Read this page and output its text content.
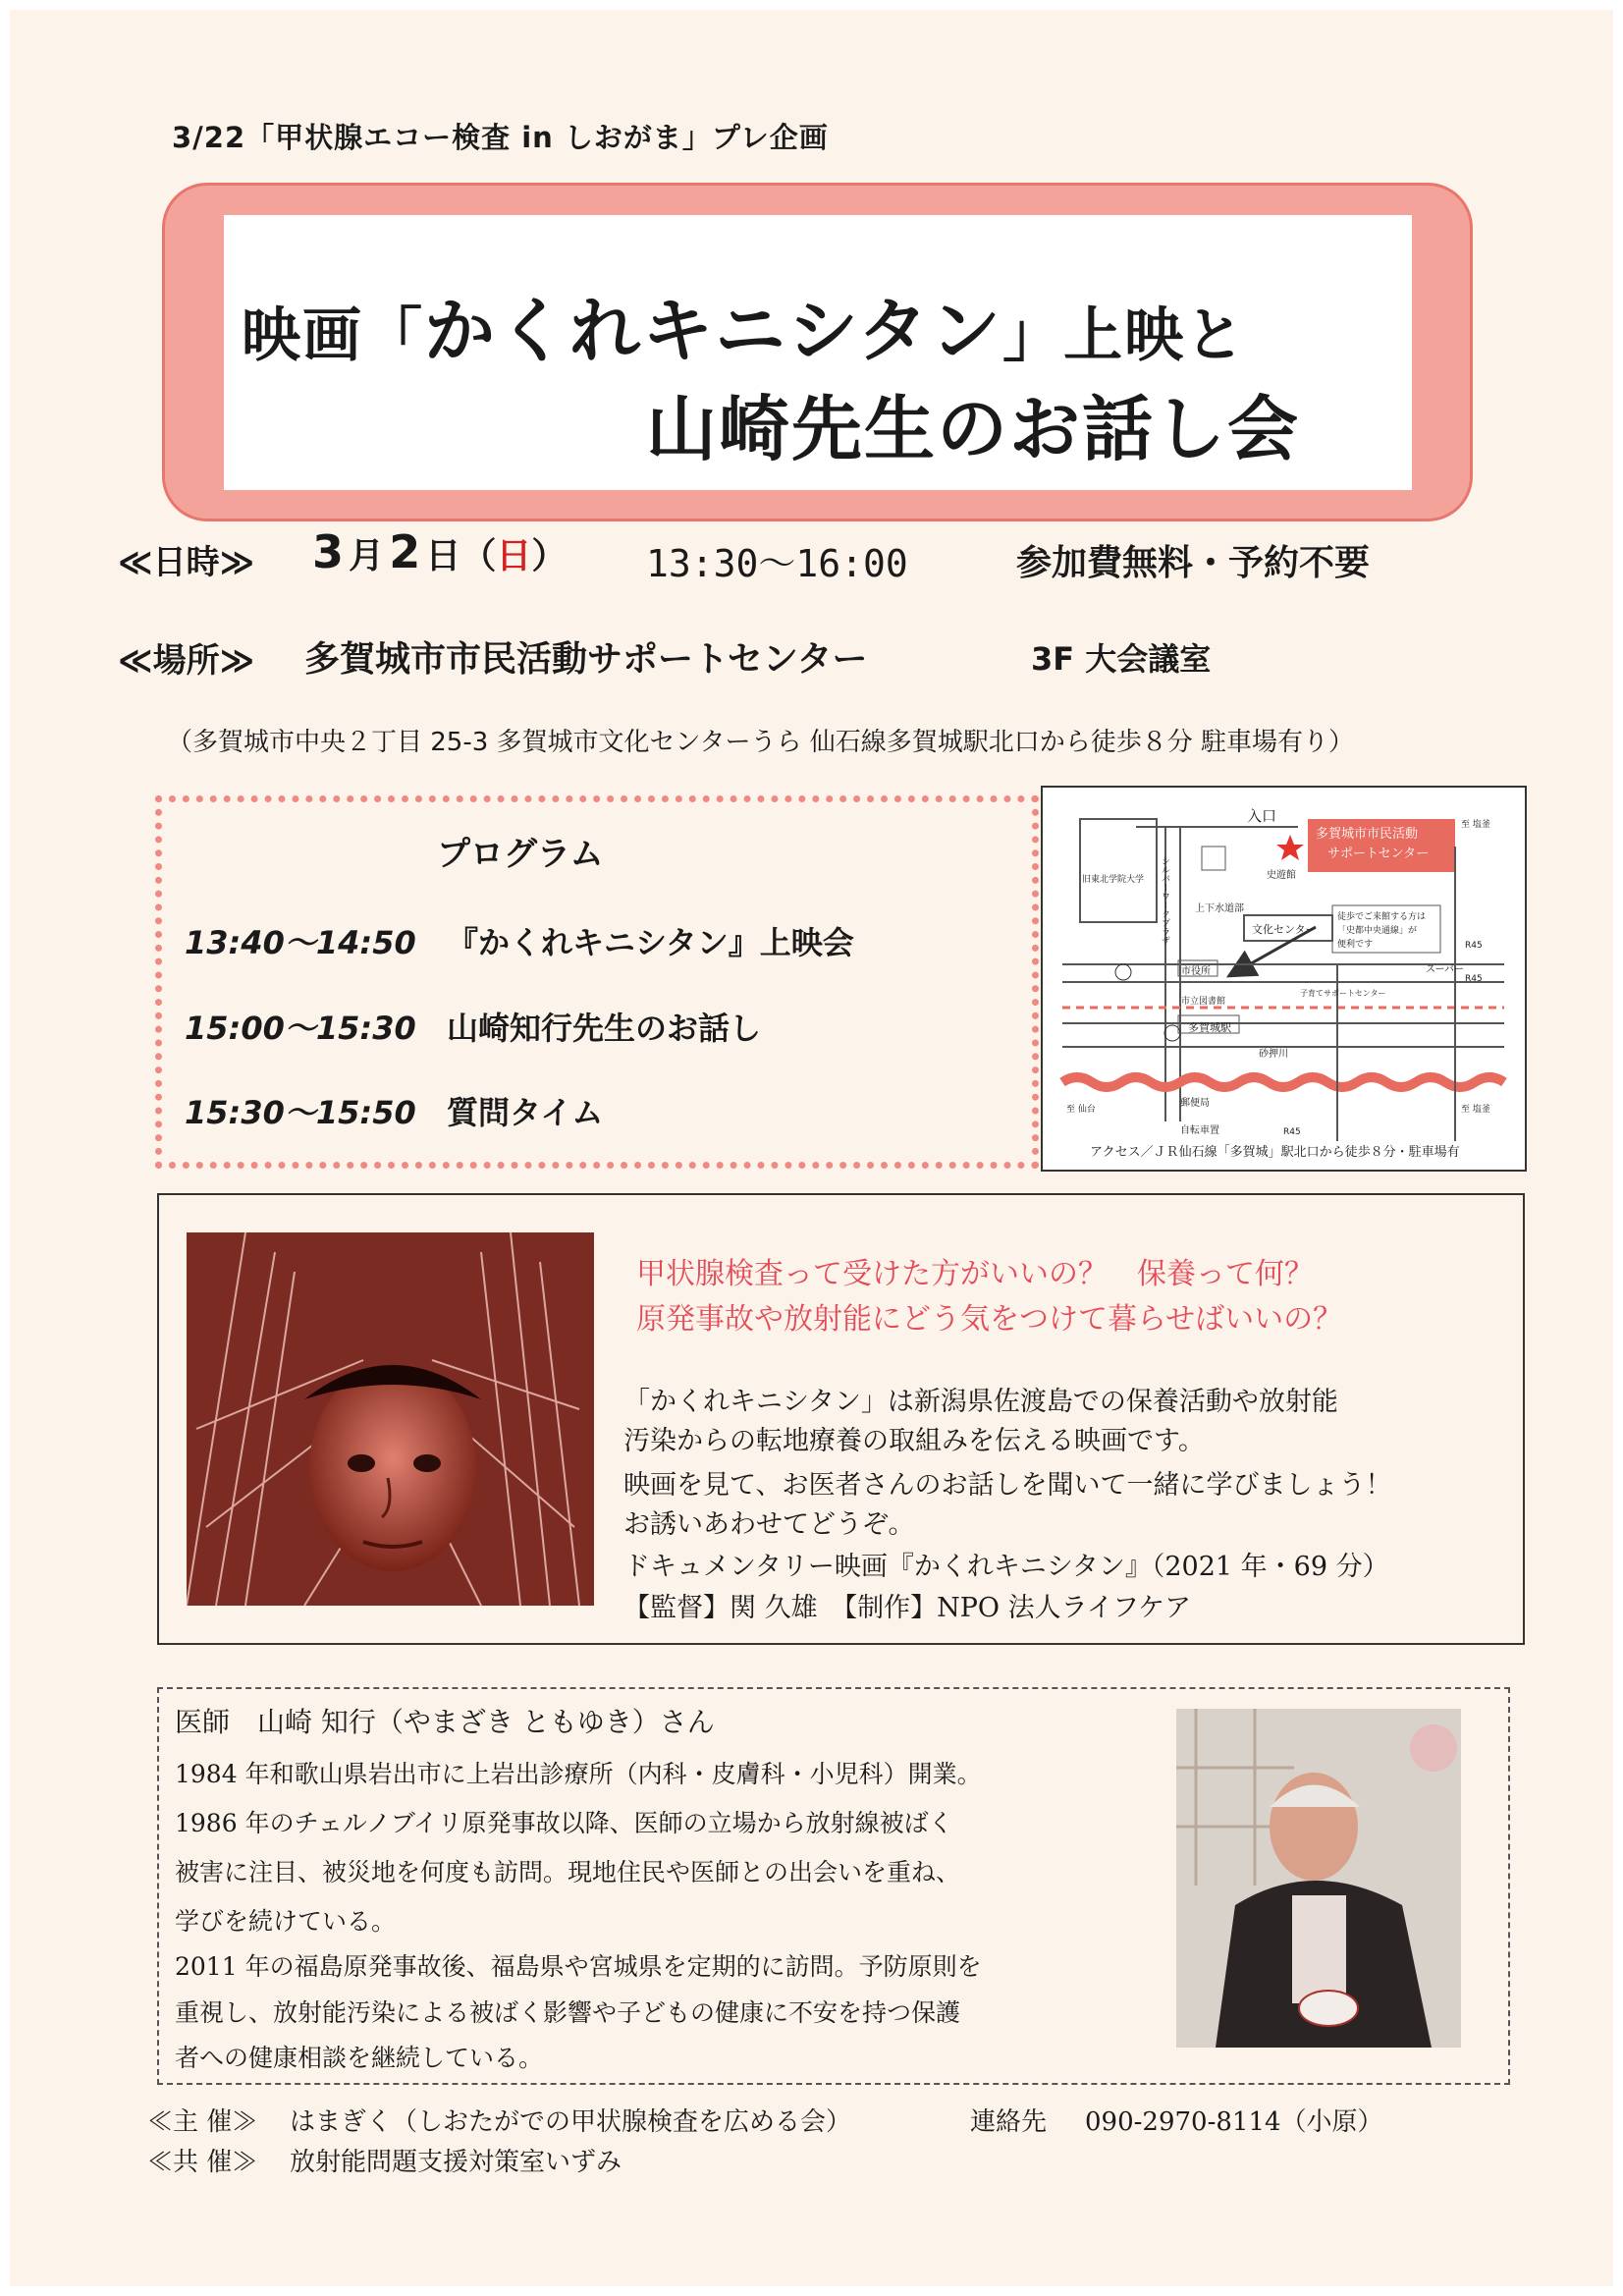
3/22「甲状腺エコー検査 in しおがま」プレ企画
映画「かくれキニシタン」上映と
山崎先生のお話し会
≪日時≫ 3 月 2 日（日） 13:30～16:00	参加費無料・予約不要
≪場所≫ 多賀城市市民活動サポートセンター	3F 大会議室
（多賀城市中央２丁目 25-3 多賀城市文化センターうら 仙石線多賀城駅北口から徒歩８分 駐車場有り）
プログラム
13:40～14:50 『かくれキニシタン』上映会
15:00～15:30 山崎知行先生のお話し
15:30～15:50 質問タイム
入口
多賀城市市民活動
サポートセンター
旧東北学院大学 シルバーワークプラザ	文化センター
史遊館
上下水道部
徒歩でご来館する方は
「史都中央通線」が
便利です
市役所
市立図書館
多賀城駅
砂押川
郵便局
自転車置
スーパー
R45
R45
R45
至 塩釜
至 塩釜
至 仙台
子育てサポートセンター
アクセス／ＪＲ仙石線「多賀城」駅北口から徒歩８分・駐車場有
甲状腺検査って受けた方がいいの？　保養って何？
原発事故や放射能にどう気をつけて暮らせばいいの？
「かくれキニシタン」は新潟県佐渡島での保養活動や放射能
汚染からの転地療養の取組みを伝える映画です。
映画を見て、お医者さんのお話しを聞いて一緒に学びましょう！
お誘いあわせてどうぞ。
ドキュメンタリー映画『かくれキニシタン』（2021 年・69 分）
【監督】関 久雄　【制作】NPO 法人ライフケア
医師　山崎 知行（やまざき ともゆき）さん
1984 年和歌山県岩出市に上岩出診療所（内科・皮膚科・小児科）開業。
1986 年のチェルノブイリ原発事故以降、医師の立場から放射線被ばく
被害に注目、被災地を何度も訪問。現地住民や医師との出会いを重ね、
学びを続けている。
2011 年の福島原発事故後、福島県や宮城県を定期的に訪問。予防原則を
重視し、放射能汚染による被ばく影響や子どもの健康に不安を持つ保護
者への健康相談を継続している。
≪主 催≫ はまぎく（しおたがでの甲状腺検査を広める会）	連絡先 090-2970-8114（小原）
≪共 催≫ 放射能問題支援対策室いずみ
